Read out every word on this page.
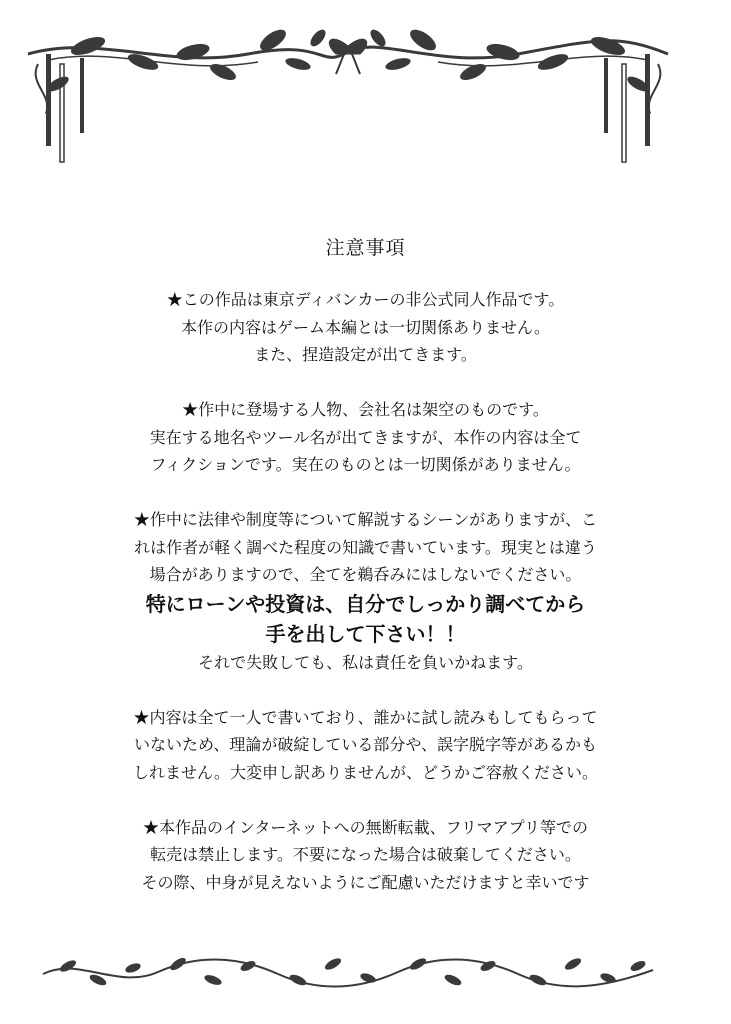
注意事項
★この作品は東京ディバンカーの非公式同人作品です。
本作の内容はゲーム本編とは一切関係ありません。
また、捏造設定が出てきます。
★作中に登場する人物、会社名は架空のものです。
実在する地名やツール名が出てきますが、本作の内容は全て
フィクションです。実在のものとは一切関係がありません。
★作中に法律や制度等について解説するシーンがありますが、こ
れは作者が軽く調べた程度の知識で書いています。現実とは違う
場合がありますので、全てを鵜呑みにはしないでください。
特にローンや投資は、自分でしっかり調べてから
手を出して下さい！！
それで失敗しても、私は責任を負いかねます。
★内容は全て一人で書いており、誰かに試し読みもしてもらって
いないため、理論が破綻している部分や、誤字脱字等があるかも
しれません。大変申し訳ありませんが、どうかご容赦ください。
★本作品のインターネットへの無断転載、フリマアプリ等での
転売は禁止します。不要になった場合は破棄してください。
その際、中身が見えないようにご配慮いただけますと幸いです
